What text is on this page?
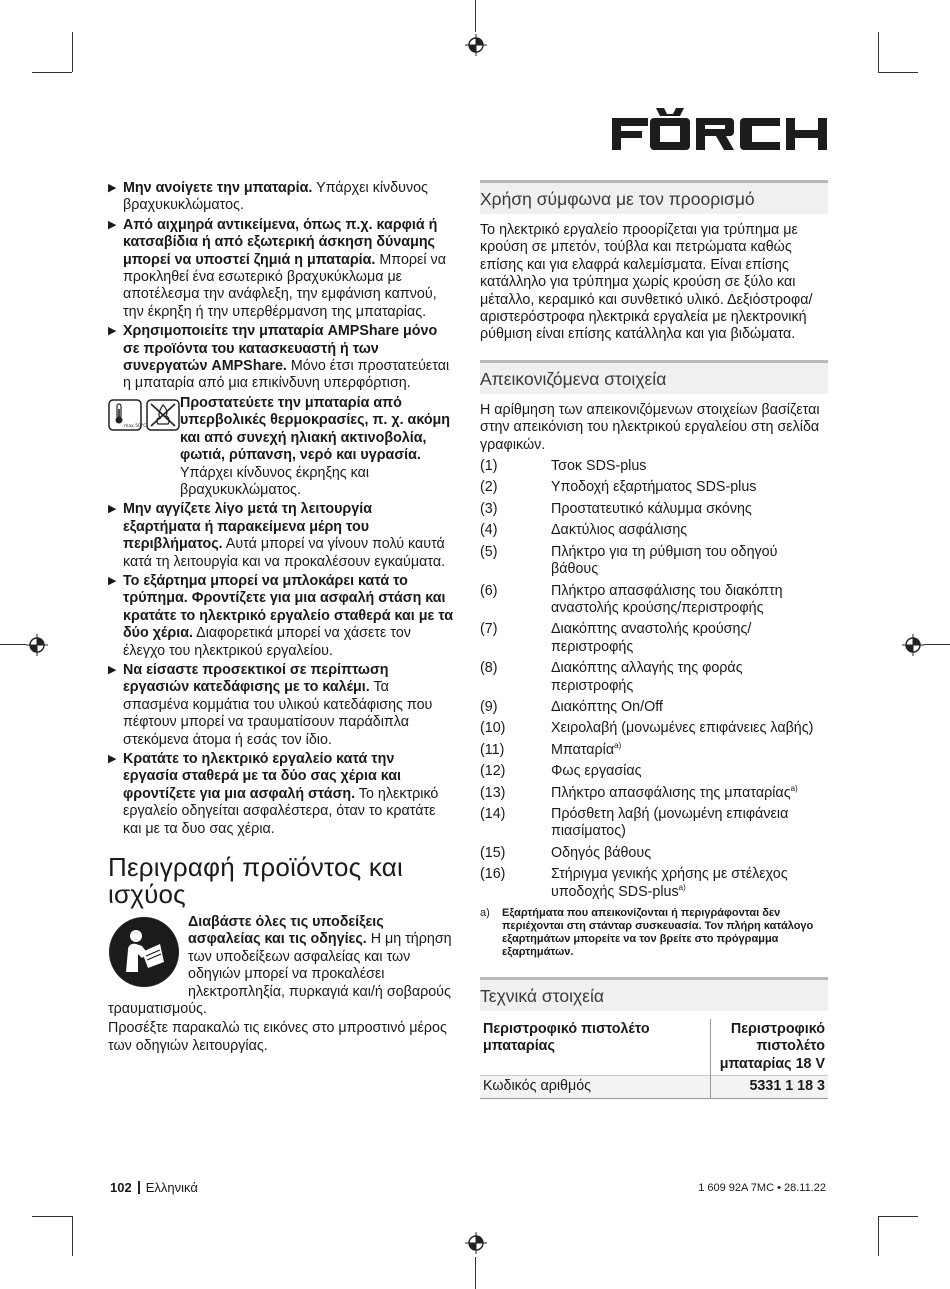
▶ Μην ανοίγετε την μπαταρία. Υπάρχει κίνδυνος βραχυκυκλώματος.
▶ Από αιχμηρά αντικείμενα, όπως π.χ. καρφιά ή κατσαβίδια ή από εξωτερική άσκηση δύναμης μπορεί να υποστεί ζημιά η μπαταρία. Μπορεί να προκληθεί ένα εσωτερικό βραχυκύκλωμα με αποτέλεσμα την ανάφλεξη, την εμφάνιση καπνού, την έκρηξη ή την υπερθέρμανση της μπαταρίας.
▶ Χρησιμοποιείτε την μπαταρία AMPShare μόνο σε προϊόντα του κατασκευαστή ή των συνεργατών AMPShare. Μόνο έτσι προστατεύεται η μπαταρία από μια επικίνδυνη υπερφόρτιση.
max.50°C

Προστατεύετε την μπαταρία από υπερβολικές θερμοκρασίες, π. χ. ακόμη και από συνεχή ηλιακή ακτινοβολία, φωτιά, ρύπανση, νερό και υγρασία. Υπάρχει κίνδυνος έκρηξης και βραχυκυκλώματος.
▶ Μην αγγίζετε λίγο μετά τη λειτουργία εξαρτήματα ή παρακείμενα μέρη του περιβλήματος. Αυτά μπορεί να γίνουν πολύ καυτά κατά τη λειτουργία και να προκαλέσουν εγκαύματα.
▶ Το εξάρτημα μπορεί να μπλοκάρει κατά το τρύπημα. Φροντίζετε για μια ασφαλή στάση και κρατάτε το ηλεκτρικό εργαλείο σταθερά και με τα δύο χέρια. Διαφορετικά μπορεί να χάσετε τον έλεγχο του ηλεκτρικού εργαλείου.
▶ Να είσαστε προσεκτικοί σε περίπτωση εργασιών κατεδάφισης με το καλέμι. Τα σπασμένα κομμάτια του υλικού κατεδάφισης που πέφτουν μπορεί να τραυματίσουν παράδιπλα στεκόμενα άτομα ή εσάς τον ίδιο.
▶ Κρατάτε το ηλεκτρικό εργαλείο κατά την εργασία σταθερά με τα δύο σας χέρια και φροντίζετε για μια ασφαλή στάση. Το ηλεκτρικό εργαλείο οδηγείται ασφαλέστερα, όταν το κρατάτε και με τα δυο σας χέρια.
Περιγραφή προϊόντος και ισχύος
Διαβάστε όλες τις υποδείξεις ασφαλείας και τις οδηγίες. Η μη τήρηση των υποδείξεων ασφαλείας και των οδηγιών μπορεί να προκαλέσει ηλεκτροπληξία, πυρκαγιά και/ή σοβαρούς τραυματισμούς.
Προσέξτε παρακαλώ τις εικόνες στο μπροστινό μέρος των οδηγιών λειτουργίας.
Χρήση σύμφωνα με τον προορισμό
Το ηλεκτρικό εργαλείο προορίζεται για τρύπημα με κρούση σε μπετόν, τούβλα και πετρώματα καθώς επίσης και για ελαφρά καλεμίσματα. Είναι επίσης κατάλληλο για τρύπημα χωρίς κρούση σε ξύλο και μέταλλο, κεραμικό και συνθετικό υλικό. Δεξιόστροφα/αριστερόστροφα ηλεκτρικά εργαλεία με ηλεκτρονική ρύθμιση είναι επίσης κατάλληλα και για βιδώματα.
Απεικονιζόμενα στοιχεία
Η αρίθμηση των απεικονιζόμενων στοιχείων βασίζεται στην απεικόνιση του ηλεκτρικού εργαλείου στη σελίδα γραφικών.
(1)	Τσοκ SDS-plus
(2)	Υποδοχή εξαρτήματος SDS-plus
(3)	Προστατευτικό κάλυμμα σκόνης
(4)	Δακτύλιος ασφάλισης
(5)	Πλήκτρο για τη ρύθμιση του οδηγού βάθους
(6)	Πλήκτρο απασφάλισης του διακόπτη αναστολής κρούσης/περιστροφής
(7)	Διακόπτης αναστολής κρούσης/περιστροφής
(8)	Διακόπτης αλλαγής της φοράς περιστροφής
(9)	Διακόπτης On/Off
(10)	Χειρολαβή (μονωμένες επιφάνειες λαβής)
(11)	Μπαταρία$^{a)}$
(12)	Φως εργασίας
(13)	Πλήκτρο απασφάλισης της μπαταρίας$^{a)}$
(14)	Πρόσθετη λαβή (μονωμένη επιφάνεια πιασίματος)
(15)	Οδηγός βάθους
(16)	Στήριγμα γενικής χρήσης με στέλεχος υποδοχής SDS-plus$^{a)}$
a)	Εξαρτήματα που απεικονίζονται ή περιγράφονται δεν περιέχονται στη στάνταρ συσκευασία. Τον πλήρη κατάλογο εξαρτημάτων μπορείτε να τον βρείτε στο πρόγραμμα εξαρτημάτων.
Τεχνικά στοιχεία
Περιστροφικό πιστολέτο μπαταρίας	Περιστροφικό πιστολέτο μπαταρίας 18 V
Κωδικός αριθμός	5331 1 18 3
102 Ελληνικά	1 609 92A 7MC • 28.11.22
